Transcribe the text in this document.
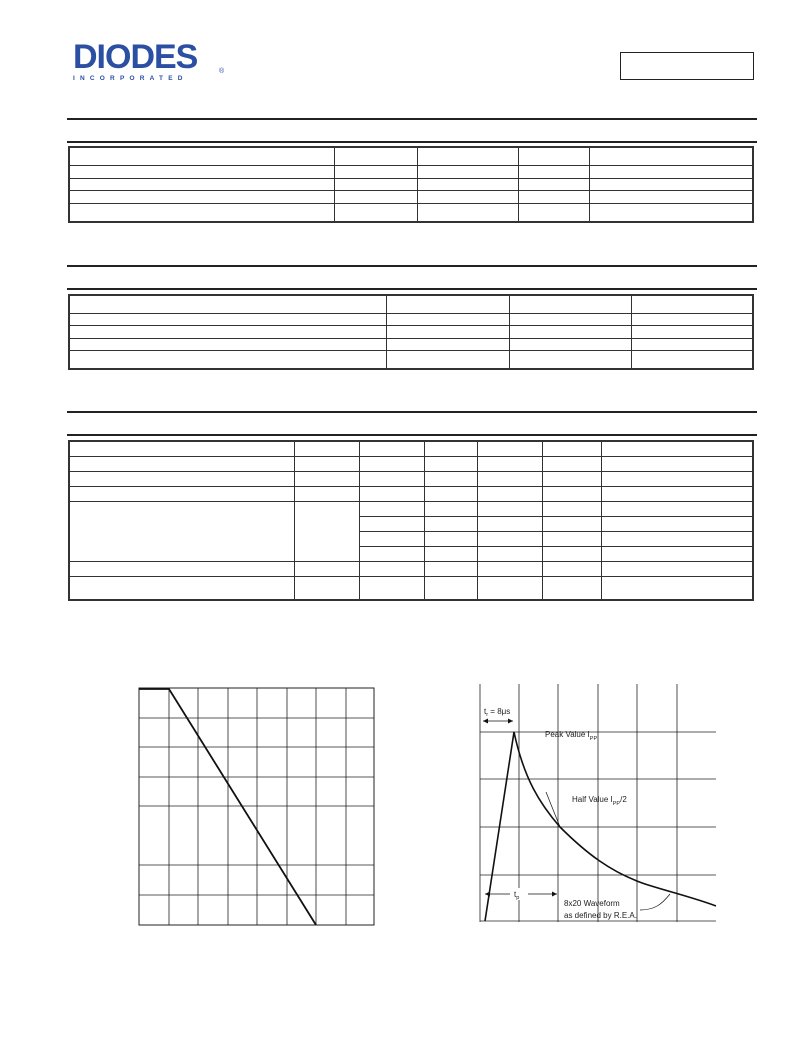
DIODES
INCORPORATED
®

$t_r = 8\mu s$
Peak Value $I_{PP}$
Half Value $I_{PP}/2$
$t_p$
8x20 Waveform
as defined by R.E.A.
